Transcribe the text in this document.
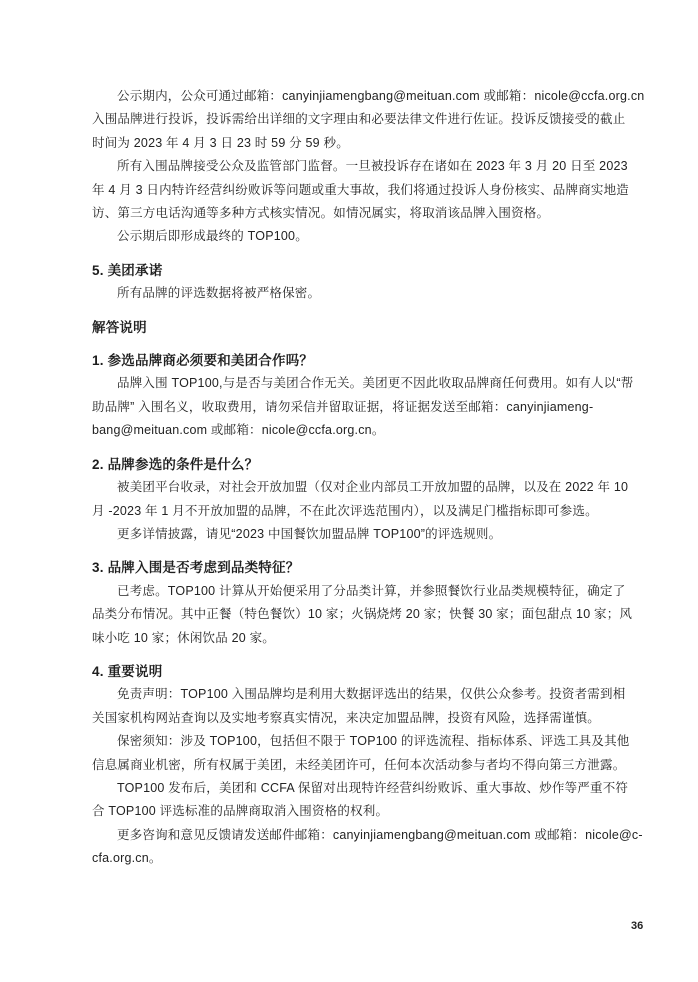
公示期内，公众可通过邮箱：canyinjiamengbang@meituan.com 或邮箱：nicole@ccfa.org.cn
入围品牌进行投诉，投诉需给出详细的文字理由和必要法律文件进行佐证。投诉反馈接受的截止
时间为 2023 年 4 月 3 日 23 时 59 分 59 秒。
所有入围品牌接受公众及监管部门监督。一旦被投诉存在诸如在 2023 年 3 月 20 日至 2023
年 4 月 3 日内特许经营纠纷败诉等问题或重大事故，我们将通过投诉人身份核实、品牌商实地造
访、第三方电话沟通等多种方式核实情况。如情况属实，将取消该品牌入围资格。
公示期后即形成最终的 TOP100。
5. 美团承诺
所有品牌的评选数据将被严格保密。
解答说明
1. 参选品牌商必须要和美团合作吗？
品牌入围 TOP100,与是否与美团合作无关。美团更不因此收取品牌商任何费用。如有人以“帮
助品牌” 入围名义，收取费用，请勿采信并留取证据，将证据发送至邮箱：canyinjiameng-
bang@meituan.com 或邮箱：nicole@ccfa.org.cn。
2. 品牌参选的条件是什么？
被美团平台收录，对社会开放加盟（仅对企业内部员工开放加盟的品牌，以及在 2022 年 10
月 -2023 年 1 月不开放加盟的品牌，不在此次评选范围内），以及满足门槛指标即可参选。
更多详情披露，请见“2023 中国餐饮加盟品牌 TOP100”的评选规则。
3. 品牌入围是否考虑到品类特征？
已考虑。TOP100 计算从开始便采用了分品类计算，并参照餐饮行业品类规模特征，确定了
品类分布情况。其中正餐（特色餐饮）10 家；火锅烧烤 20 家；快餐 30 家；面包甜点 10 家；风
味小吃 10 家；休闲饮品 20 家。
4. 重要说明
免责声明：TOP100 入围品牌均是利用大数据评选出的结果，仅供公众参考。投资者需到相
关国家机构网站查询以及实地考察真实情况，来决定加盟品牌，投资有风险，选择需谨慎。
保密须知：涉及 TOP100，包括但不限于 TOP100 的评选流程、指标体系、评选工具及其他
信息属商业机密，所有权属于美团，未经美团许可，任何本次活动参与者均不得向第三方泄露。
TOP100 发布后，美团和 CCFA 保留对出现特许经营纠纷败诉、重大事故、炒作等严重不符
合 TOP100 评选标准的品牌商取消入围资格的权利。
更多咨询和意见反馈请发送邮件邮箱：canyinjiamengbang@meituan.com 或邮箱：nicole@c-
cfa.org.cn。
36
